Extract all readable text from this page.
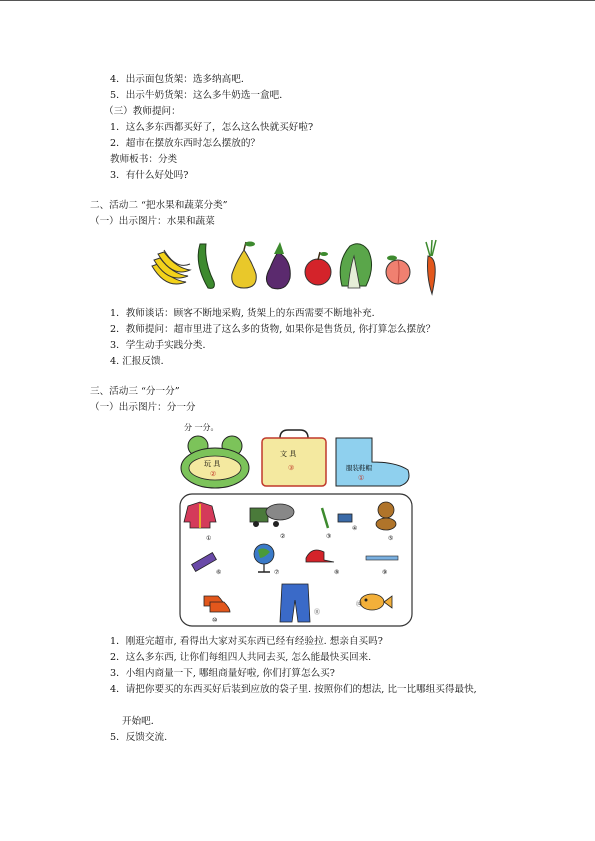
4．出示面包货架：选多纳高吧．
5．出示牛奶货架：这么多牛奶选一盒吧．
（三）教师提问：
1．这么多东西都买好了，怎么这么快就买好啦?
2．超市在摆放东西时怎么摆放的？
教师板书：分类
3．有什么好处吗?
二、活动二 “把水果和蔬菜分类”
（一）出示图片：水果和蔬菜
1．教师谈话：顾客不断地采购, 货架上的东西需要不断地补充．
2．教师提问：超市里进了这么多的货物, 如果你是售货员, 你打算怎么摆放？
3．学生动手实践分类．
4. 汇报反馈．
三、活动三 “分一分”
（一）出示图片：分一分
分 一分。
玩 具
②
文 具
③	服装鞋帽
①
①	②	③
④
⑤
⑥	⑦	⑧	⑨
⑩
⑪
⑫
1．刚逛完超市, 看得出大家对买东西已经有经验拉. 想亲自买吗?
2．这么多东西, 让你们每组四人共同去买, 怎么能最快买回来.
3．小组内商量一下, 哪组商量好啦, 你们打算怎么买?
4．请把你要买的东西买好后装到应放的袋子里. 按照你们的想法, 比一比哪组买得最快,
开始吧．
5．反馈交流.
